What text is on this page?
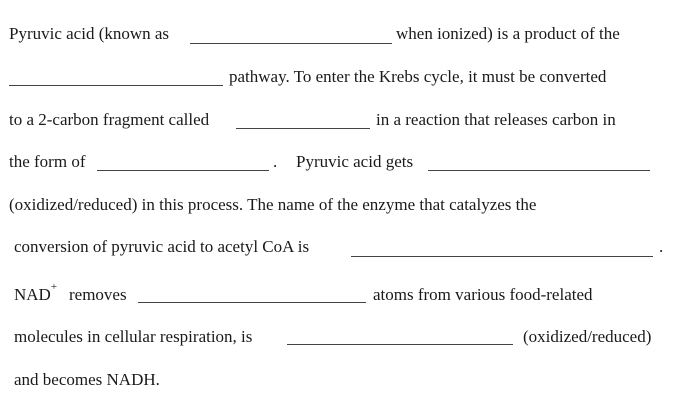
Pyruvic acid (known as	when ionized) is a product of the
pathway. To enter the Krebs cycle, it must be converted
to a 2-carbon fragment called	in a reaction that releases carbon in
the form of	. Pyruvic acid gets
(oxidized/reduced) in this process. The name of the enzyme that catalyzes the
conversion of pyruvic acid to acetyl CoA is	.
NAD+ removes	atoms from various food-related
molecules in cellular respiration, is	(oxidized/reduced)
and becomes NADH.
